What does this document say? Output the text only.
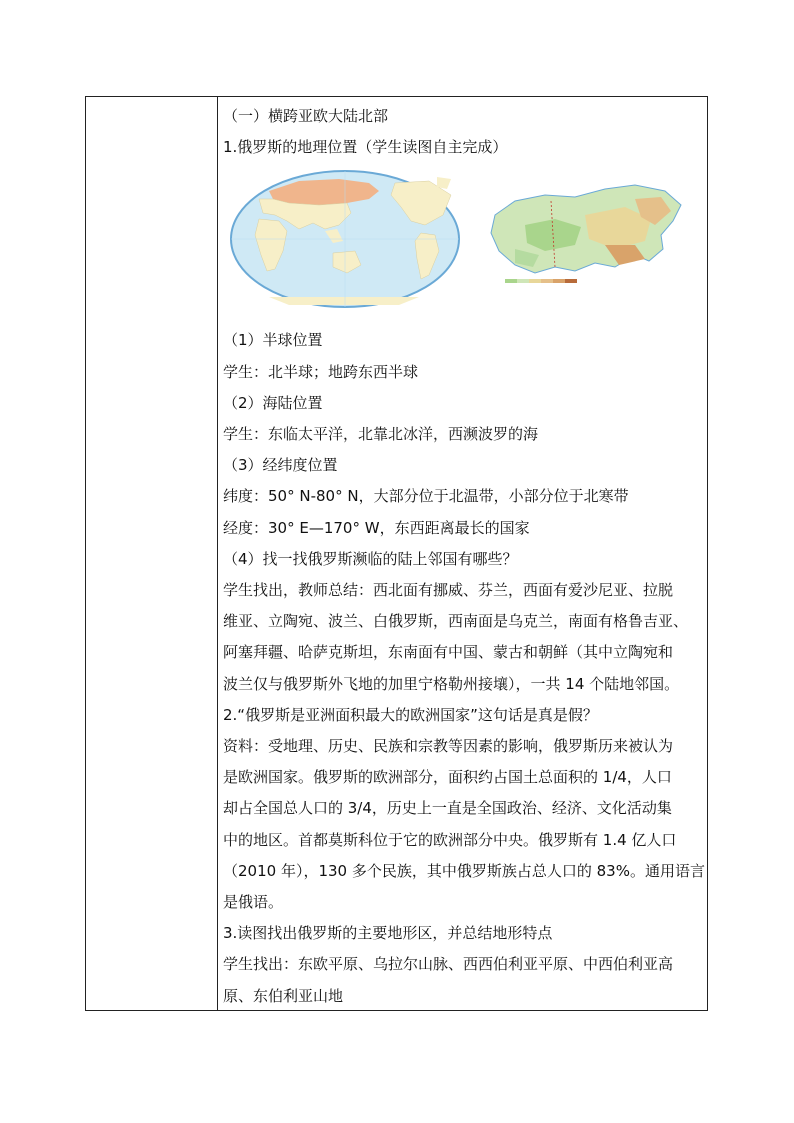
（一）横跨亚欧大陆北部
1.俄罗斯的地理位置（学生读图自主完成）
（1）半球位置
学生：北半球；地跨东西半球
（2）海陆位置
学生：东临太平洋，北靠北冰洋，西濒波罗的海
（3）经纬度位置
纬度：50° N-80° N，大部分位于北温带，小部分位于北寒带
经度：30° E—170° W，东西距离最长的国家
（4）找一找俄罗斯濒临的陆上邻国有哪些？
学生找出，教师总结：西北面有挪威、芬兰，西面有爱沙尼亚、拉脱
维亚、立陶宛、波兰、白俄罗斯，西南面是乌克兰，南面有格鲁吉亚、
阿塞拜疆、哈萨克斯坦，东南面有中国、蒙古和朝鲜（其中立陶宛和
波兰仅与俄罗斯外飞地的加里宁格勒州接壤），一共 14 个陆地邻国。
2.“俄罗斯是亚洲面积最大的欧洲国家”这句话是真是假？
资料：受地理、历史、民族和宗教等因素的影响，俄罗斯历来被认为
是欧洲国家。俄罗斯的欧洲部分，面积约占国土总面积的 1/4，人口
却占全国总人口的 3/4，历史上一直是全国政治、经济、文化活动集
中的地区。首都莫斯科位于它的欧洲部分中央。俄罗斯有 1.4 亿人口
（2010 年），130 多个民族，其中俄罗斯族占总人口的 83%。通用语言
是俄语。
3.读图找出俄罗斯的主要地形区，并总结地形特点
学生找出：东欧平原、乌拉尔山脉、西西伯利亚平原、中西伯利亚高
原、东伯利亚山地
